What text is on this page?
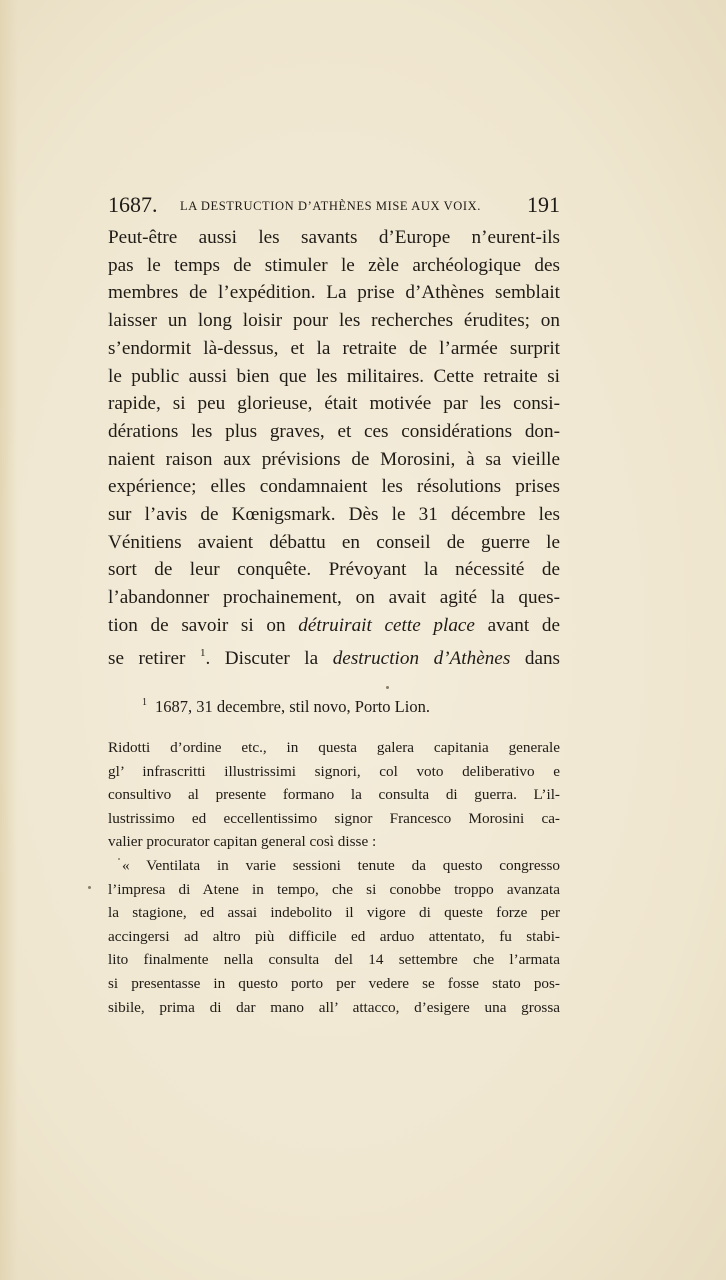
1687. LA DESTRUCTION D’ATHÈNES MISE AUX VOIX. 191
Peut-être aussi les savants d’Europe n’eurent-ils
pas le temps de stimuler le zèle archéologique des
membres de l’expédition. La prise d’Athènes semblait
laisser un long loisir pour les recherches érudites; on
s’endormit là-dessus, et la retraite de l’armée surprit
le public aussi bien que les militaires. Cette retraite si
rapide, si peu glorieuse, était motivée par les consi-
dérations les plus graves, et ces considérations don-
naient raison aux prévisions de Morosini, à sa vieille
expérience; elles condamnaient les résolutions prises
sur l’avis de Kœnigsmark. Dès le 31 décembre les
Vénitiens avaient débattu en conseil de guerre le
sort de leur conquête. Prévoyant la nécessité de
l’abandonner prochainement, on avait agité la ques-
tion de savoir si on détruirait cette place avant de
se retirer $^1$. Discuter la destruction d’Athènes dans
$^1$ 1687, 31 decembre, stil novo, Porto Lion.
Ridotti d’ordine etc., in questa galera capitania generale
gl’ infrascritti illustrissimi signori, col voto deliberativo e
consultivo al presente formano la consulta di guerra. L’il-
lustrissimo ed eccellentissimo signor Francesco Morosini ca-
valier procurator capitan general così disse :
« Ventilata in varie sessioni tenute da questo congresso
l’impresa di Atene in tempo, che si conobbe troppo avanzata
la stagione, ed assai indebolito il vigore di queste forze per
accingersi ad altro più difficile ed arduo attentato, fu stabi-
lito finalmente nella consulta del 14 settembre che l’armata
si presentasse in questo porto per vedere se fosse stato pos-
sibile, prima di dar mano all’ attacco, d’esigere una grossa
